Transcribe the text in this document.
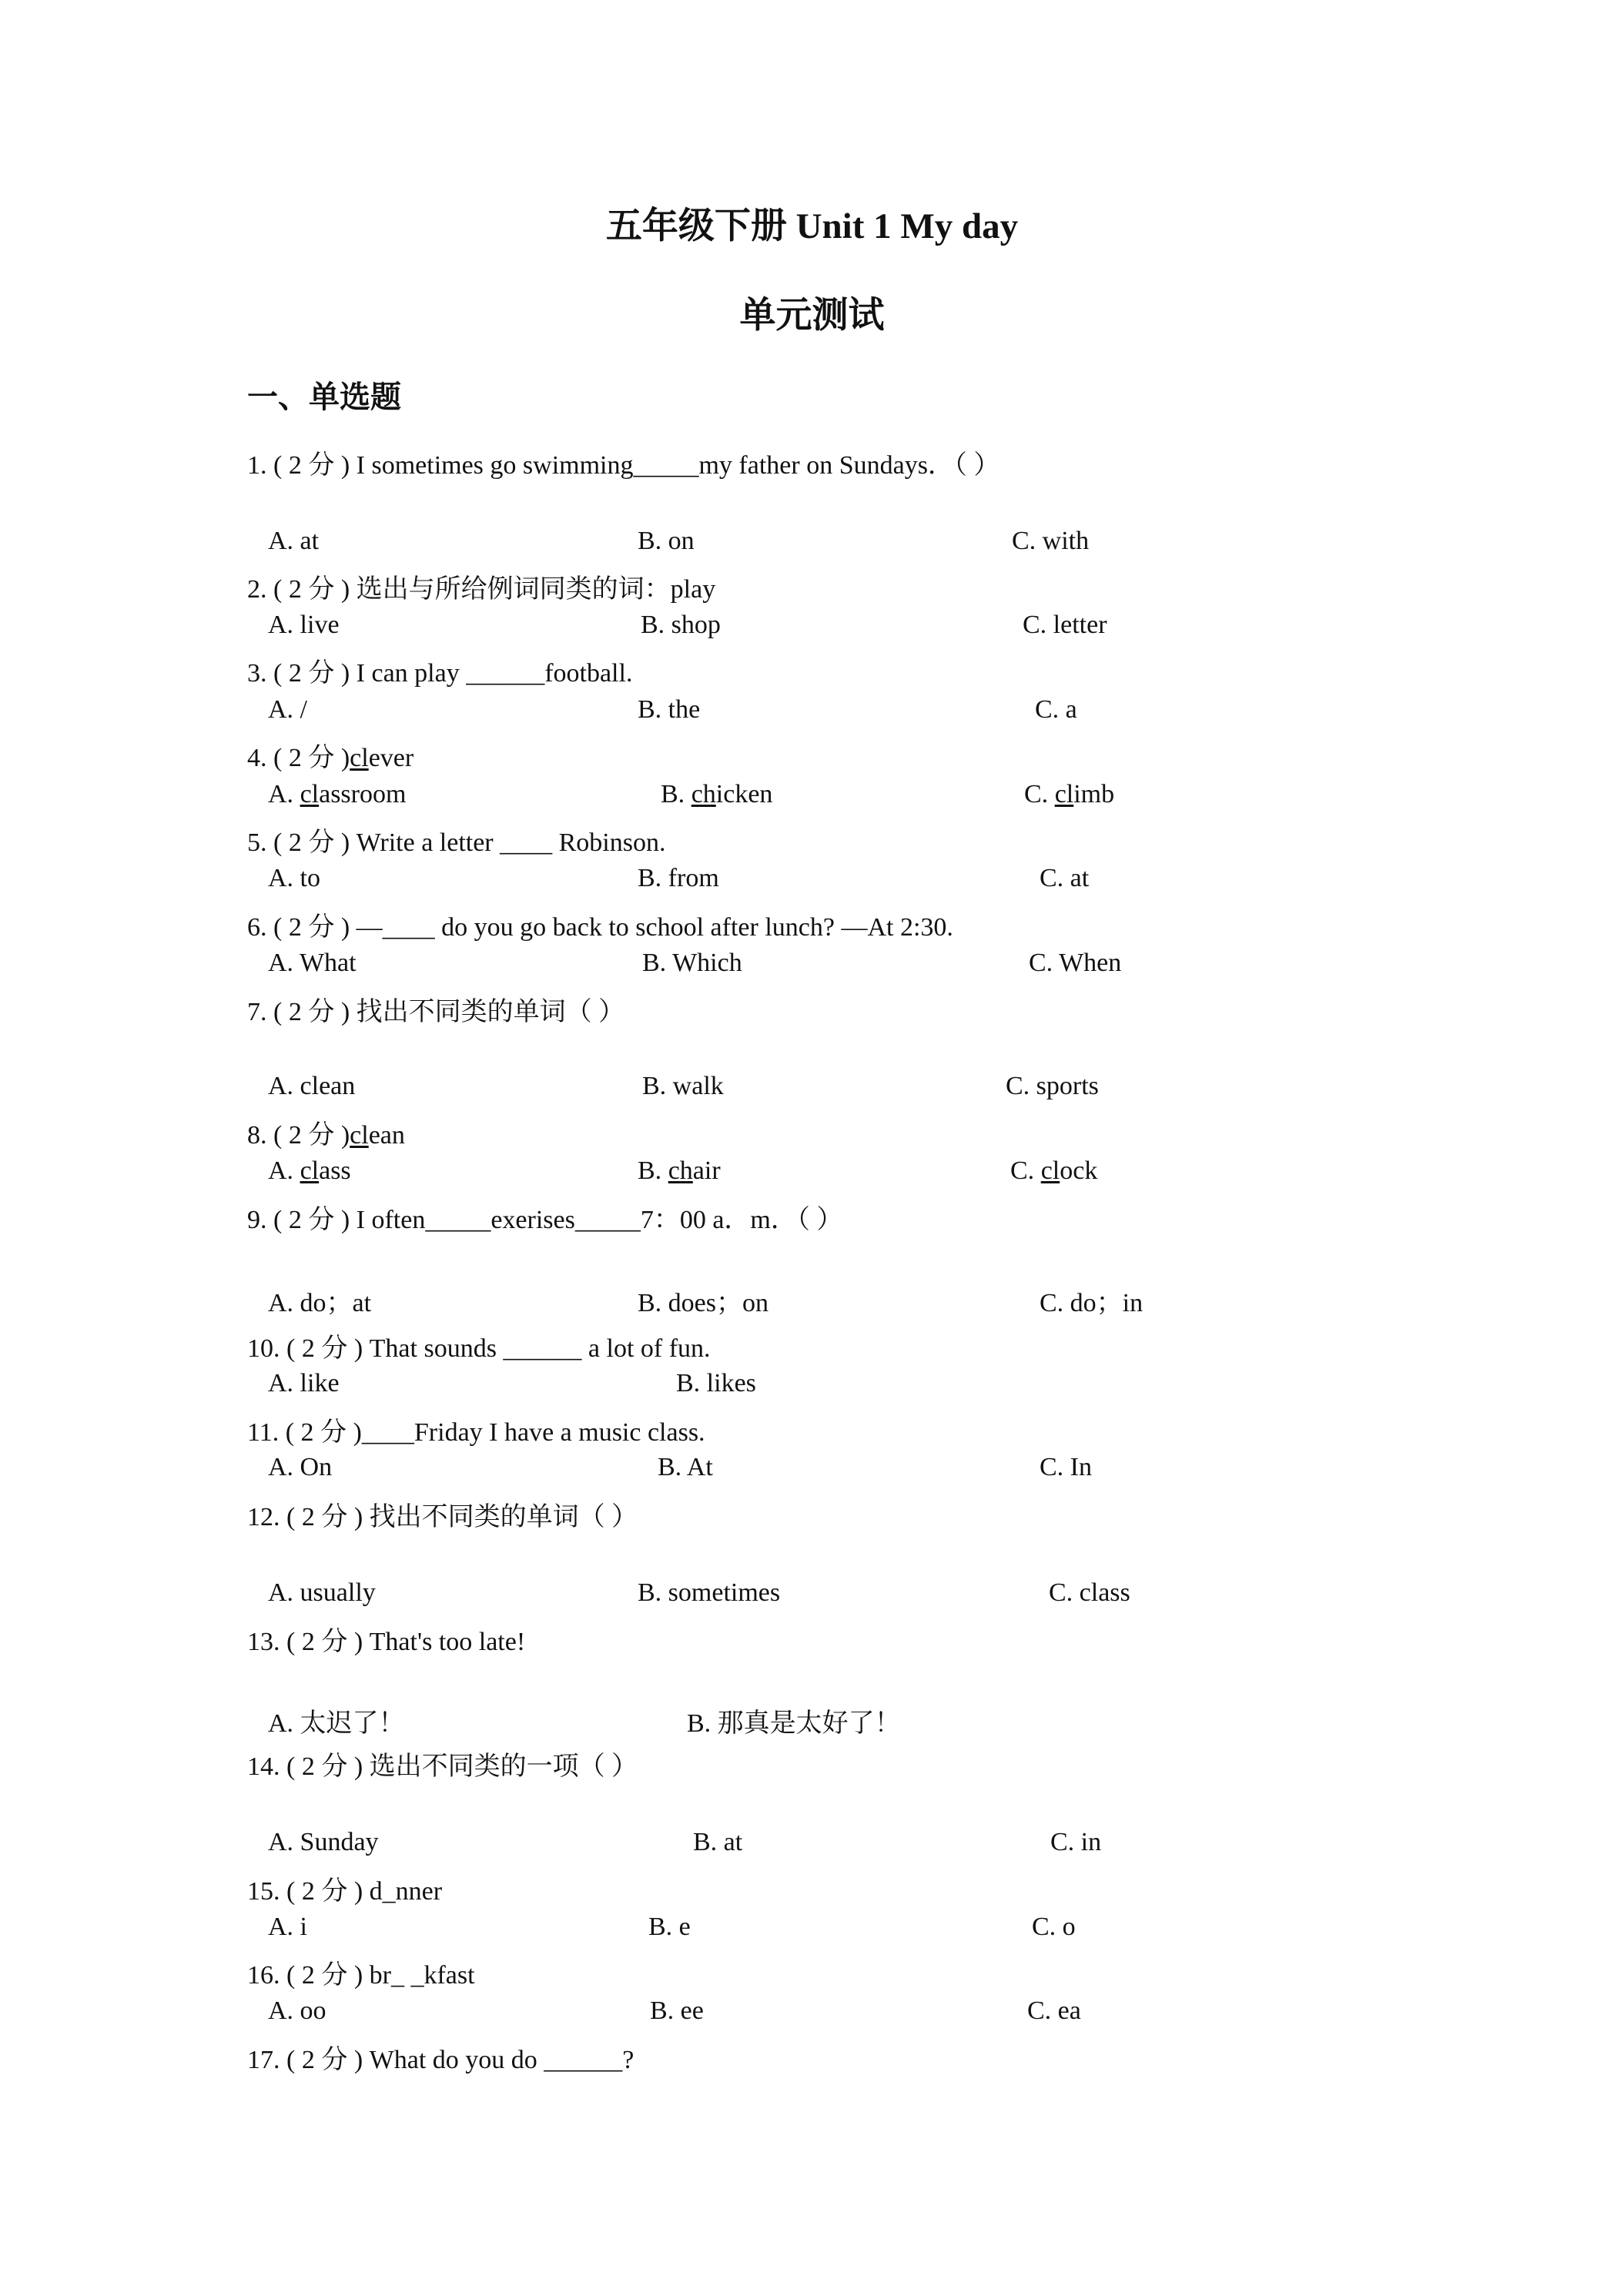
五年级下册 Unit 1 My day
单元测试
一、单选题
1. ( 2 分 ) I sometimes go swimming_____my father on Sundays．（ ）
A. at	B. on	C. with
2. ( 2 分 ) 选出与所给例词同类的词：play
A. live	B. shop	C. letter
3. ( 2 分 ) I can play ______football.
A. /	B. the	C. a
4. ( 2 分 )clever
A. classroom	B. chicken	C. climb
5. ( 2 分 ) Write a letter ____ Robinson.
A. to	B. from	C. at
6. ( 2 分 ) —____ do you go back to school after lunch? —At 2:30.
A. What	B. Which	C. When
7. ( 2 分 ) 找出不同类的单词（ ）
A. clean	B. walk	C. sports
8. ( 2 分 )clean
A. class	B. chair	C. clock
9. ( 2 分 ) I often_____exerises_____7：00 a．m．（ ）
A. do；at	B. does；on	C. do；in
10. ( 2 分 ) That sounds ______ a lot of fun.
A. like	B. likes
11. ( 2 分 )____Friday I have a music class.
A. On	B. At	C. In
12. ( 2 分 ) 找出不同类的单词（ ）
A. usually	B. sometimes	C. class
13. ( 2 分 ) That's too late!
A. 太迟了！	B. 那真是太好了！
14. ( 2 分 ) 选出不同类的一项（ ）
A. Sunday	B. at	C. in
15. ( 2 分 ) d_nner
A. i	B. e	C. o
16. ( 2 分 ) br_ _kfast
A. oo	B. ee	C. ea
17. ( 2 分 ) What do you do ______?
